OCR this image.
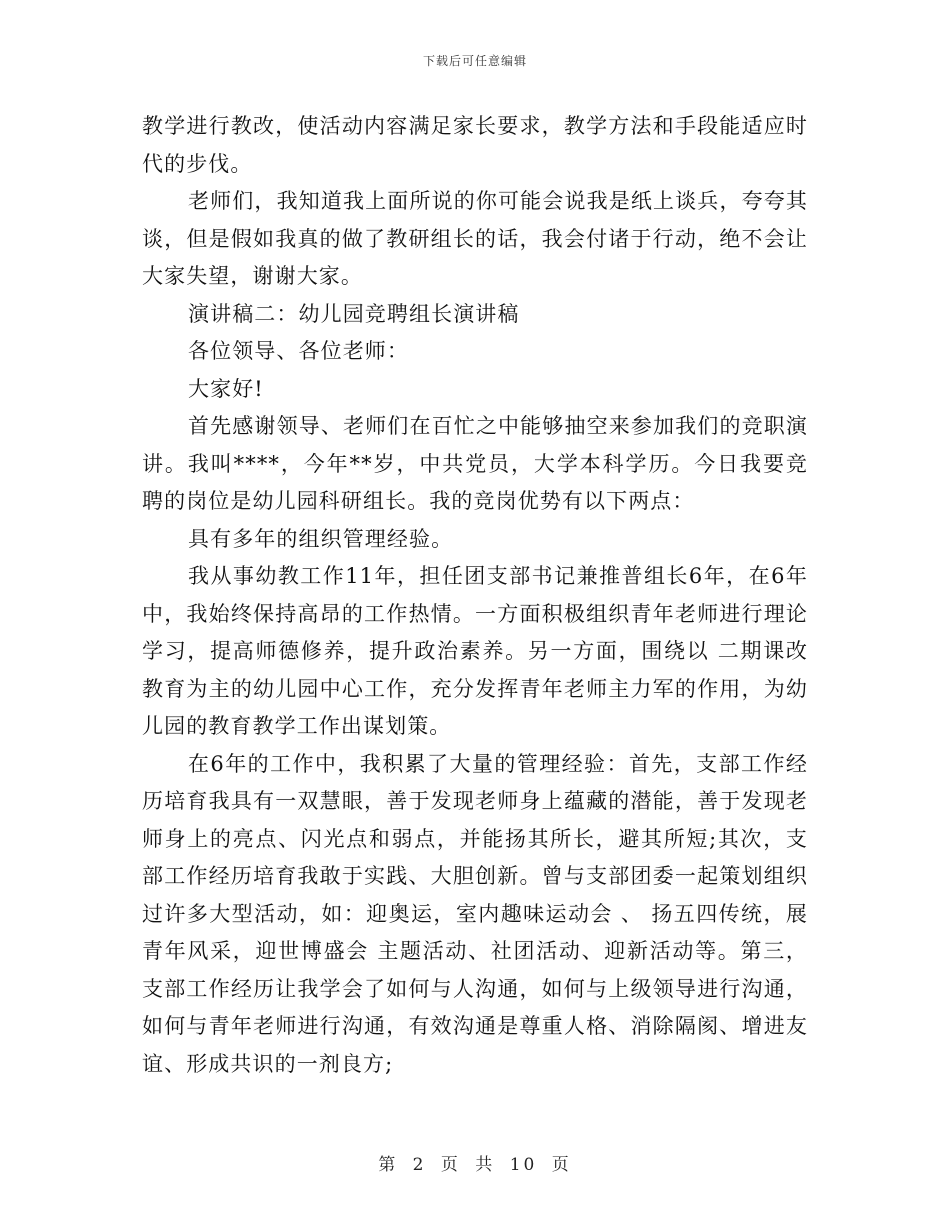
下载后可任意编辑

教学进行教改，使活动内容满足家长要求，教学方法和手段能适应时代的步伐。

老师们，我知道我上面所说的你可能会说我是纸上谈兵，夸夸其谈，但是假如我真的做了教研组长的话，我会付诸于行动，绝不会让大家失望，谢谢大家。

演讲稿二：幼儿园竞聘组长演讲稿

各位领导、各位老师：

大家好!

首先感谢领导、老师们在百忙之中能够抽空来参加我们的竞职演讲。我叫****，今年**岁，中共党员，大学本科学历。今日我要竞聘的岗位是幼儿园科研组长。我的竞岗优势有以下两点：

具有多年的组织管理经验。

我从事幼教工作11年，担任团支部书记兼推普组长6年，在6年中，我始终保持高昂的工作热情。一方面积极组织青年老师进行理论学习，提高师德修养，提升政治素养。另一方面，围绕以 二期课改 教育为主的幼儿园中心工作，充分发挥青年老师主力军的作用，为幼儿园的教育教学工作出谋划策。

在6年的工作中，我积累了大量的管理经验：首先，支部工作经历培育我具有一双慧眼，善于发现老师身上蕴藏的潜能，善于发现老师身上的亮点、闪光点和弱点，并能扬其所长，避其所短;其次，支部工作经历培育我敢于实践、大胆创新。曾与支部团委一起策划组织过许多大型活动，如：迎奥运，室内趣味运动会 、 扬五四传统，展青年风采，迎世博盛会 主题活动、社团活动、迎新活动等。第三，支部工作经历让我学会了如何与人沟通，如何与上级领导进行沟通，如何与青年老师进行沟通，有效沟通是尊重人格、消除隔阂、增进友谊、形成共识的一剂良方;

第 2 页 共 10 页
